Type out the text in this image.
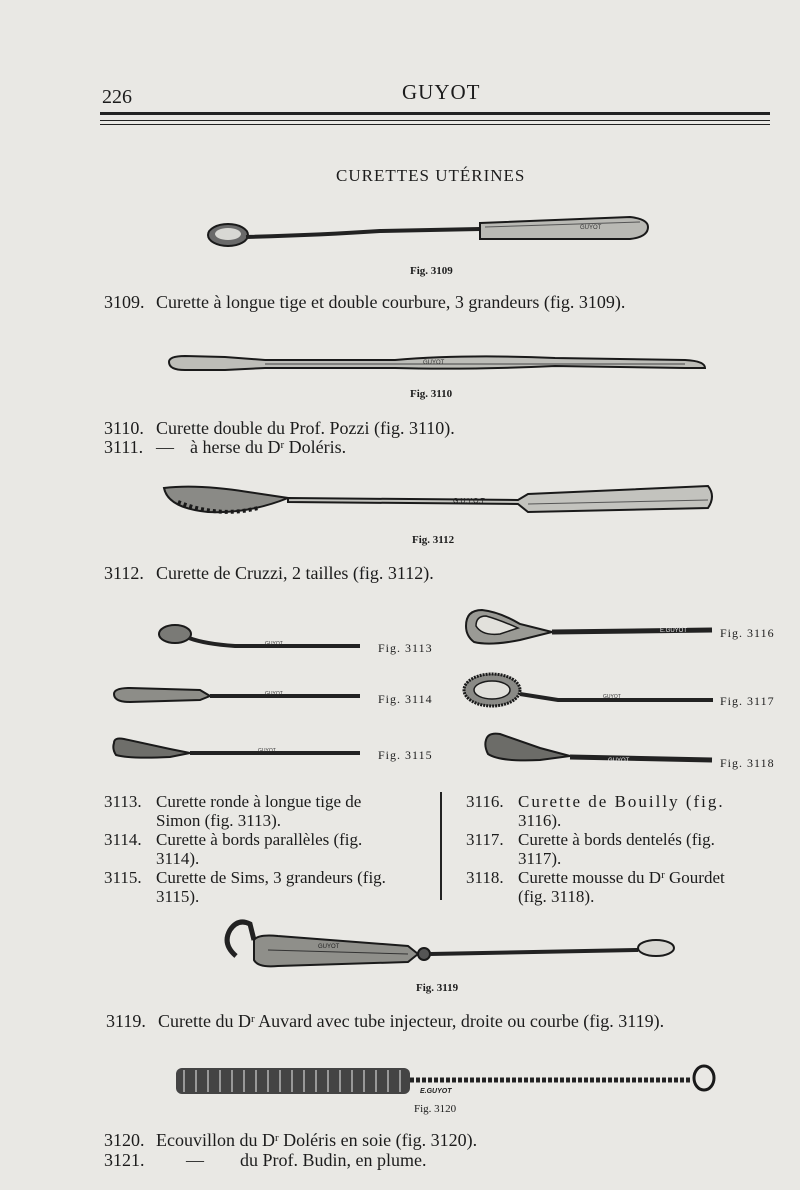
226	GUYOT
CURETTES UTÉRINES
GUYOT
Fig. 3109
3109. Curette à longue tige et double courbure, 3 grandeurs (fig. 3109).
GUYOT
Fig. 3110
3110. Curette double du Prof. Pozzi (fig. 3110).
3111. — à herse du $D^r$ Doléris.
G.U.Y.O.T
Fig. 3112
3112. Curette de Cruzzi, 2 tailles (fig. 3112).
GUYOT	Fig. 3113
GUYOT	Fig. 3114
GUYOT	Fig. 3115
E.GUYOT	Fig. 3116
GUYOT	Fig. 3117
GUYOT	Fig. 3118
3113. Curette ronde à longue tige de
Simon (fig. 3113).
3114. Curette à bords parallèles (fig.
3114).
3115. Curette de Sims, 3 grandeurs (fig.
3115).
3116. Curette de Bouilly (fig.
3116).
3117. Curette à bords dentelés (fig.
3117).
3118. Curette mousse du $D^r$ Gourdet
(fig. 3118).
GUYOT
Fig. 3119
3119. Curette du $D^r$ Auvard avec tube injecteur, droite ou courbe (fig. 3119).
E.GUYOT
Fig. 3120
3120. Ecouvillon du $D^r$ Doléris en soie (fig. 3120).
3121. — du Prof. Budin, en plume.
